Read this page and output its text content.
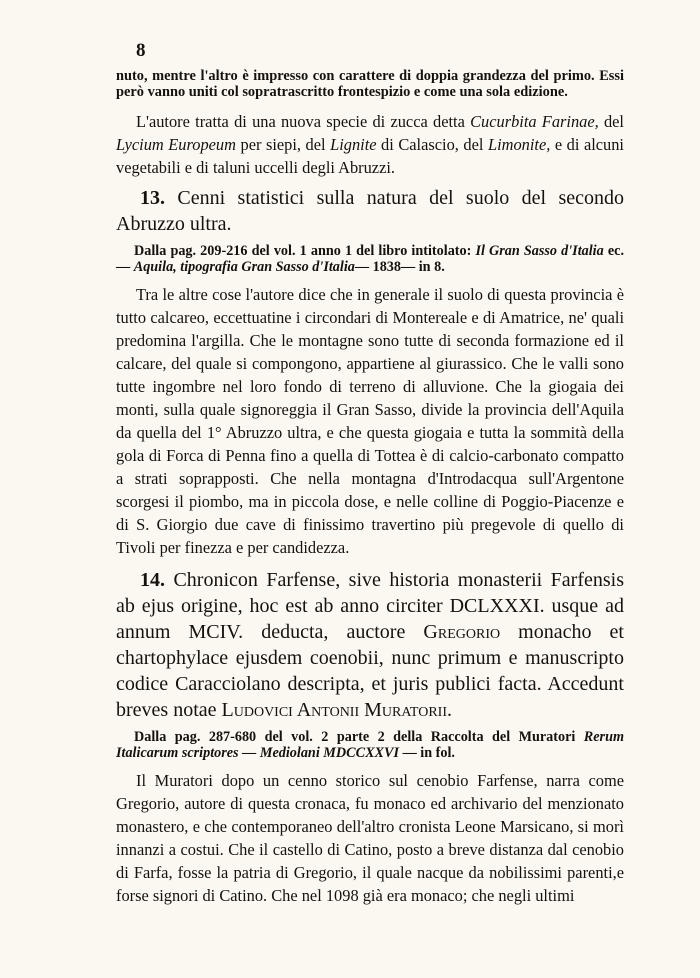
8

nuto, mentre l'altro è impresso con carattere di doppia grandezza del primo. Essi però vanno uniti col sopratrascritto frontespizio e come una sola edizione.

L'autore tratta di una nuova specie di zucca detta Cucurbita Farinae, del Lycium Europeum per siepi, del Lignite di Calascio, del Limonite, e di alcuni vegetabili e di taluni uccelli degli Abruzzi.

13. Cenni statistici sulla natura del suolo del secondo Abruzzo ultra.

Dalla pag. 209-216 del vol. 1 anno 1 del libro intitolato: Il Gran Sasso d'Italia ec. — Aquila, tipografia Gran Sasso d'Italia— 1838— in 8.

Tra le altre cose l'autore dice che in generale il suolo di questa provincia è tutto calcareo, eccettuatine i circondari di Montereale e di Amatrice, ne' quali predomina l'argilla. Che le montagne sono tutte di seconda formazione ed il calcare, del quale si compongono, appartiene al giurassico. Che le valli sono tutte ingombre nel loro fondo di terreno di alluvione. Che la giogaia dei monti, sulla quale signoreggia il Gran Sasso, divide la provincia dell'Aquila da quella del 1° Abruzzo ultra, e che questa giogaia e tutta la sommità della gola di Forca di Penna fino a quella di Tottea è di calcio-carbonato compatto a strati soprapposti. Che nella montagna d'Introdacqua sull'Argentone scorgesi il piombo, ma in piccola dose, e nelle colline di Poggio-Piacenze e di S. Giorgio due cave di finissimo travertino più pregevole di quello di Tivoli per finezza e per candidezza.

14. Chronicon Farfense, sive historia monasterii Farfensis ab ejus origine, hoc est ab anno circiter DCLXXXI. usque ad annum MCIV. deducta, auctore Gregorio monacho et chartophylace ejusdem coenobii, nunc primum e manuscripto codice Caracciolano descripta, et juris publici facta. Accedunt breves notae Ludovici Antonii Muratorii.

Dalla pag. 287-680 del vol. 2 parte 2 della Raccolta del Muratori Rerum Italicarum scriptores — Mediolani MDCCXXVI — in fol.

Il Muratori dopo un cenno storico sul cenobio Farfense, narra come Gregorio, autore di questa cronaca, fu monaco ed archivario del menzionato monastero, e che contemporaneo dell'altro cronista Leone Marsicano, si morì innanzi a costui. Che il castello di Catino, posto a breve distanza dal cenobio di Farfa, fosse la patria di Gregorio, il quale nacque da nobilissimi parenti,e forse signori di Catino. Che nel 1098 già era monaco; che negli ultimi
